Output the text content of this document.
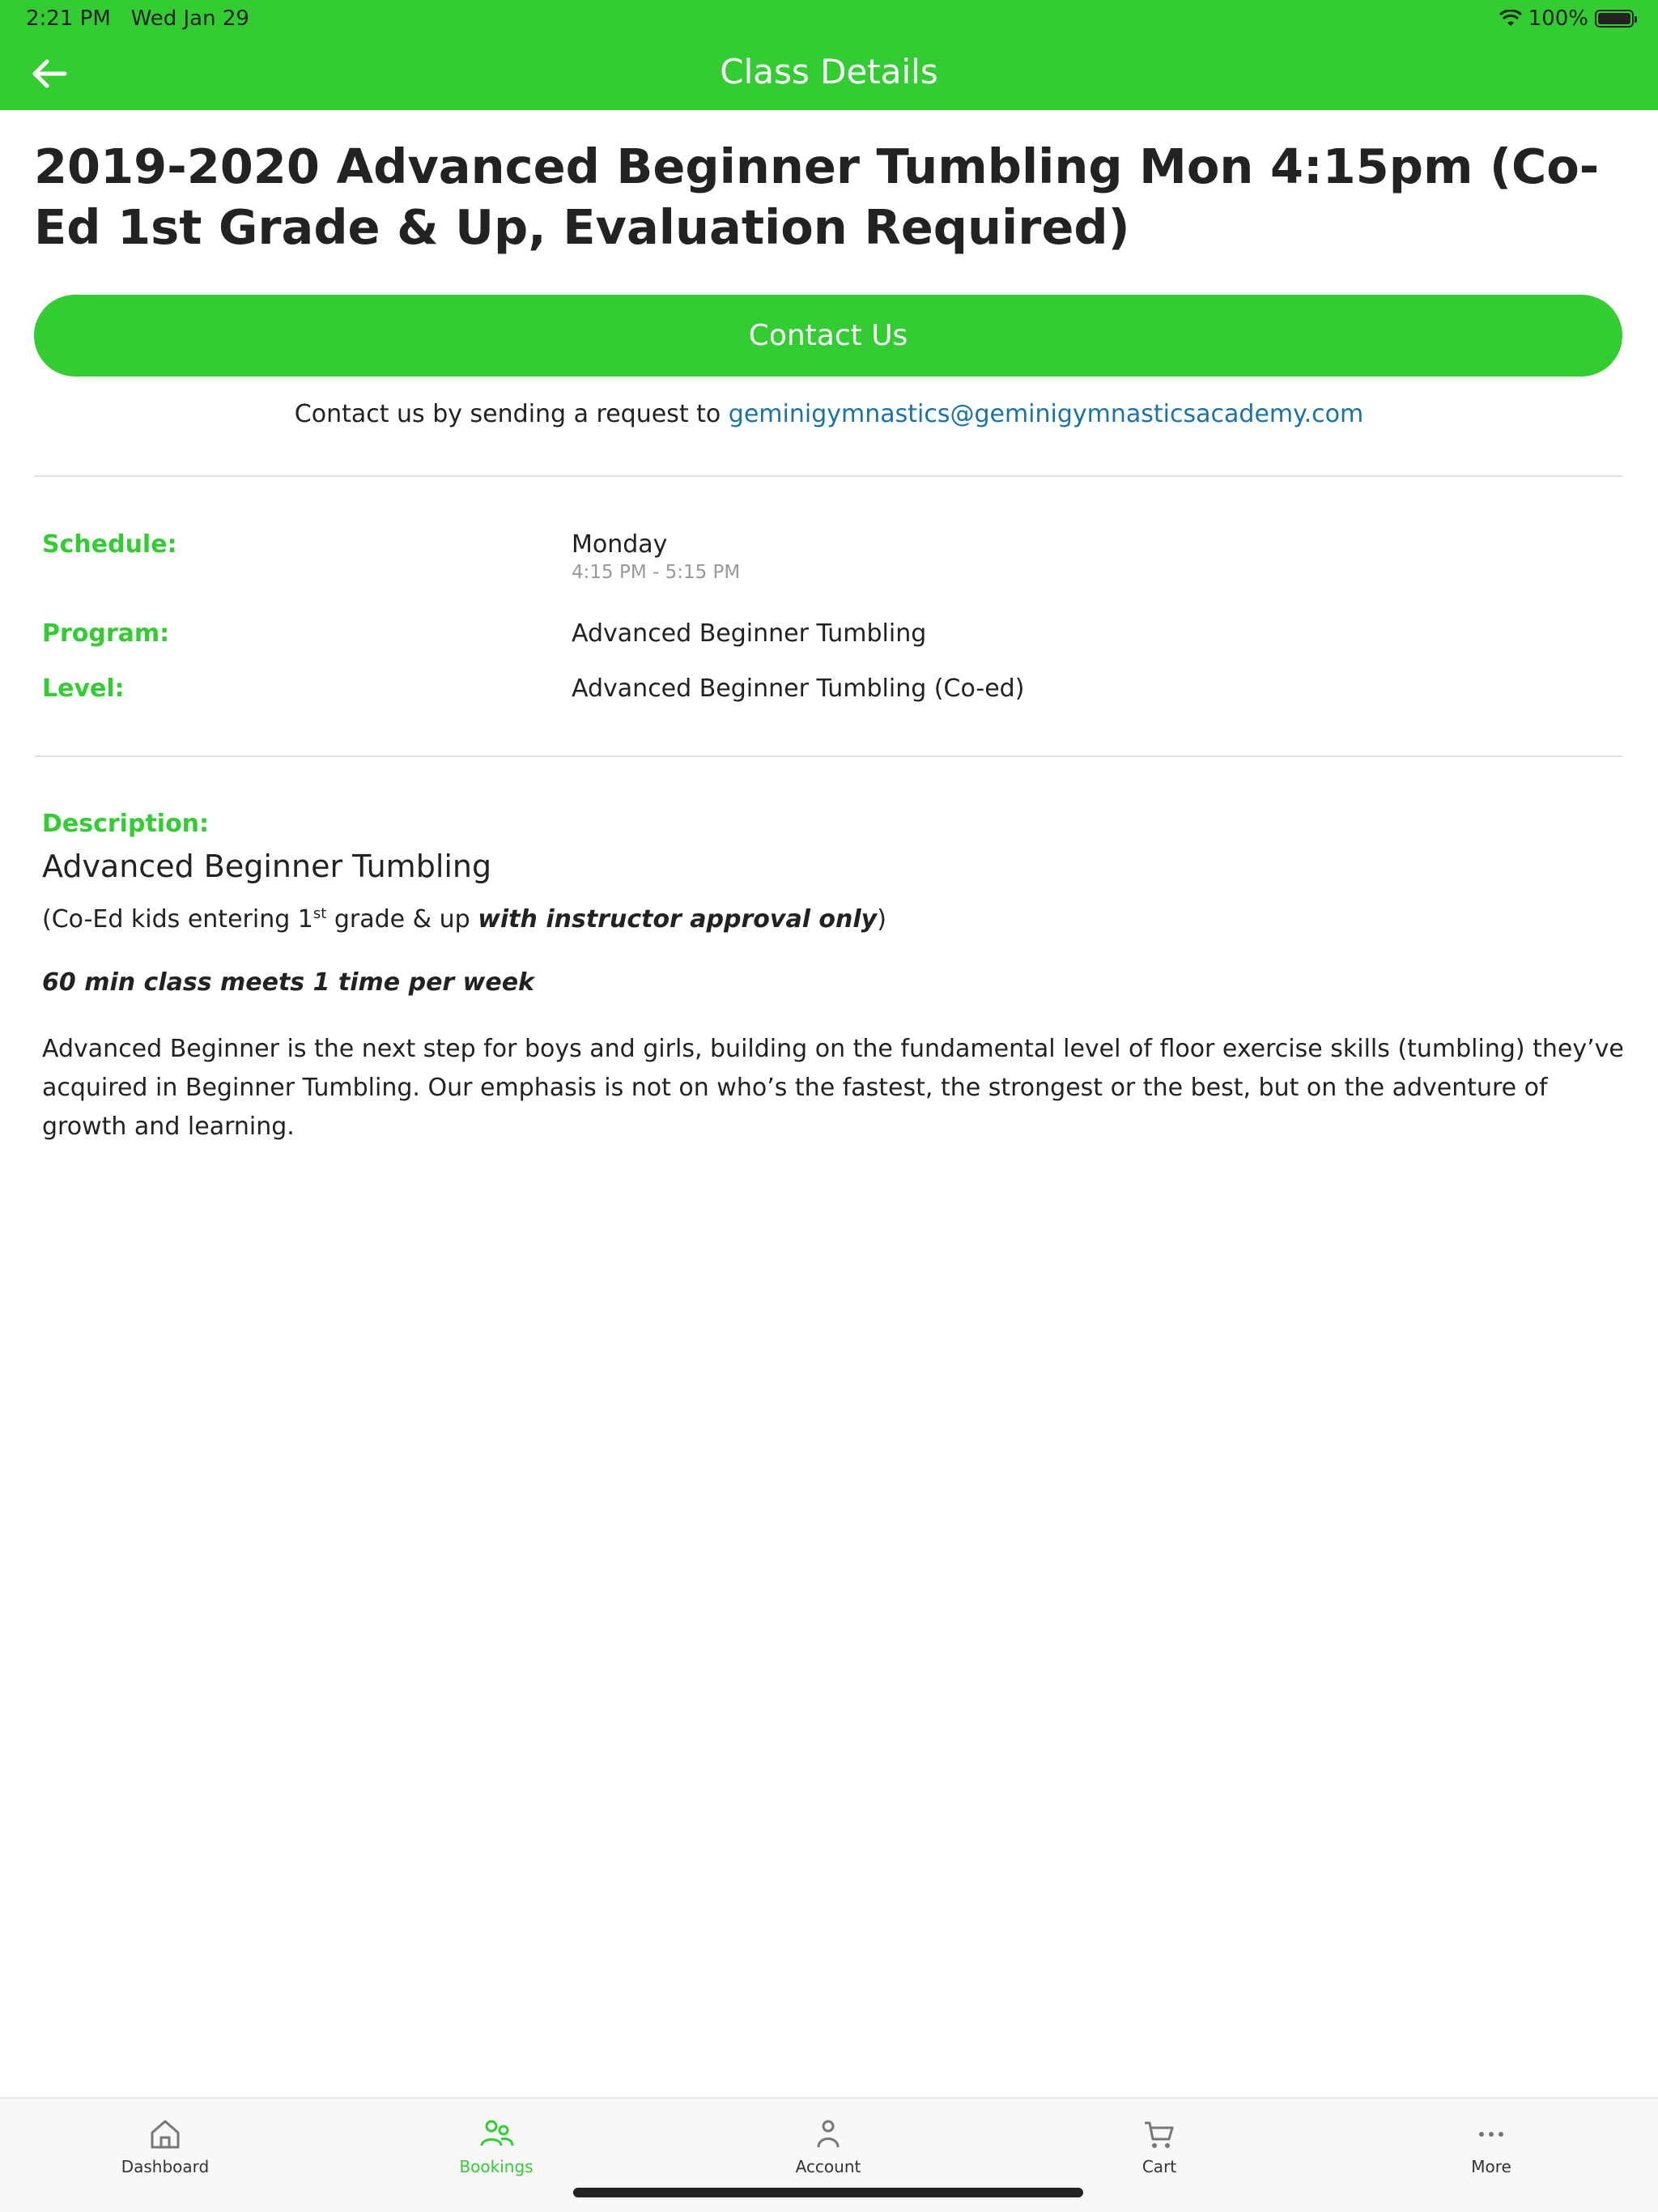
2:21 PM Wed Jan 29	100%
Class Details
2019-2020 Advanced Beginner Tumbling Mon 4:15pm (Co-Ed 1st Grade & Up, Evaluation Required)
Contact Us
Contact us by sending a request to geminigymnastics@geminigymnasticsacademy.com
Schedule:	Monday
4:15 PM - 5:15 PM
Program:	Advanced Beginner Tumbling
Level:	Advanced Beginner Tumbling (Co-ed)
Description:
Advanced Beginner Tumbling
(Co-Ed kids entering 1st grade & up with instructor approval only)
60 min class meets 1 time per week
Advanced Beginner is the next step for boys and girls, building on the fundamental level of floor exercise skills (tumbling) they’ve acquired in Beginner Tumbling. Our emphasis is not on who’s the fastest, the strongest or the best, but on the adventure of growth and learning.
Dashboard	Bookings	Account	Cart	More
